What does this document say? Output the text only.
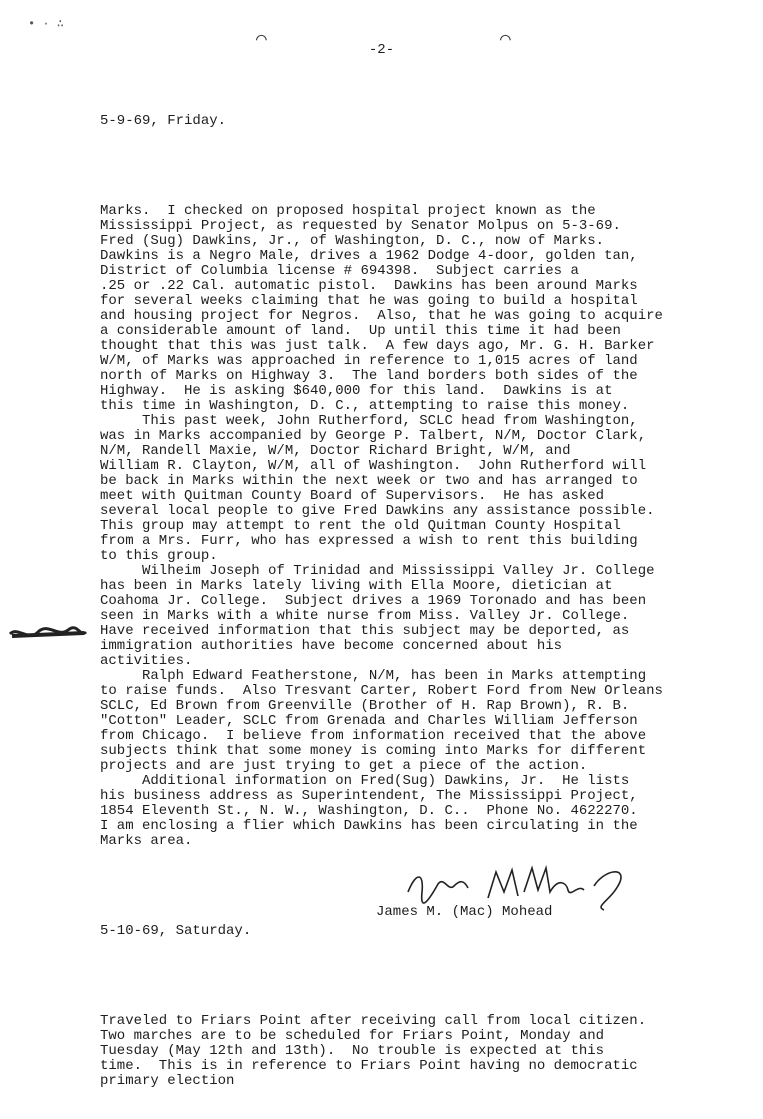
• · ∴
⌒	⌒
-2-

5-9-69, Friday.

Marks.  I checked on proposed hospital project known as the
Mississippi Project, as requested by Senator Molpus on 5-3-69.
Fred (Sug) Dawkins, Jr., of Washington, D. C., now of Marks.
Dawkins is a Negro Male, drives a 1962 Dodge 4-door, golden tan,
District of Columbia license # 694398.  Subject carries a
.25 or .22 Cal. automatic pistol.  Dawkins has been around Marks
for several weeks claiming that he was going to build a hospital
and housing project for Negros.  Also, that he was going to acquire
a considerable amount of land.  Up until this time it had been
thought that this was just talk.  A few days ago, Mr. G. H. Barker
W/M, of Marks was approached in reference to 1,015 acres of land
north of Marks on Highway 3.  The land borders both sides of the
Highway.  He is asking $640,000 for this land.  Dawkins is at
this time in Washington, D. C., attempting to raise this money.
This past week, John Rutherford, SCLC head from Washington,
was in Marks accompanied by George P. Talbert, N/M, Doctor Clark,
N/M, Randell Maxie, W/M, Doctor Richard Bright, W/M, and
William R. Clayton, W/M, all of Washington.  John Rutherford will
be back in Marks within the next week or two and has arranged to
meet with Quitman County Board of Supervisors.  He has asked
several local people to give Fred Dawkins any assistance possible.
This group may attempt to rent the old Quitman County Hospital
from a Mrs. Furr, who has expressed a wish to rent this building
to this group.
Wilheim Joseph of Trinidad and Mississippi Valley Jr. College
has been in Marks lately living with Ella Moore, dietician at
Coahoma Jr. College.  Subject drives a 1969 Toronado and has been
seen in Marks with a white nurse from Miss. Valley Jr. College.
Have received information that this subject may be deported, as
immigration authorities have become concerned about his
activities.
Ralph Edward Featherstone, N/M, has been in Marks attempting
to raise funds.  Also Tresvant Carter, Robert Ford from New Orleans
SCLC, Ed Brown from Greenville (Brother of H. Rap Brown), R. B.
"Cotton" Leader, SCLC from Grenada and Charles William Jefferson
from Chicago.  I believe from information received that the above
subjects think that some money is coming into Marks for different
projects and are just trying to get a piece of the action.
Additional information on Fred(Sug) Dawkins, Jr.  He lists
his business address as Superintendent, The Mississippi Project,
1854 Eleventh St., N. W., Washington, D. C..  Phone No. 4622270.
I am enclosing a flier which Dawkins has been circulating in the
Marks area.

5-10-69, Saturday.

Traveled to Friars Point after receiving call from local citizen.
Two marches are to be scheduled for Friars Point, Monday and
Tuesday (May 12th and 13th).  No trouble is expected at this
time.  This is in reference to Friars Point having no democratic
primary election

James M. (Mac) Mohead
